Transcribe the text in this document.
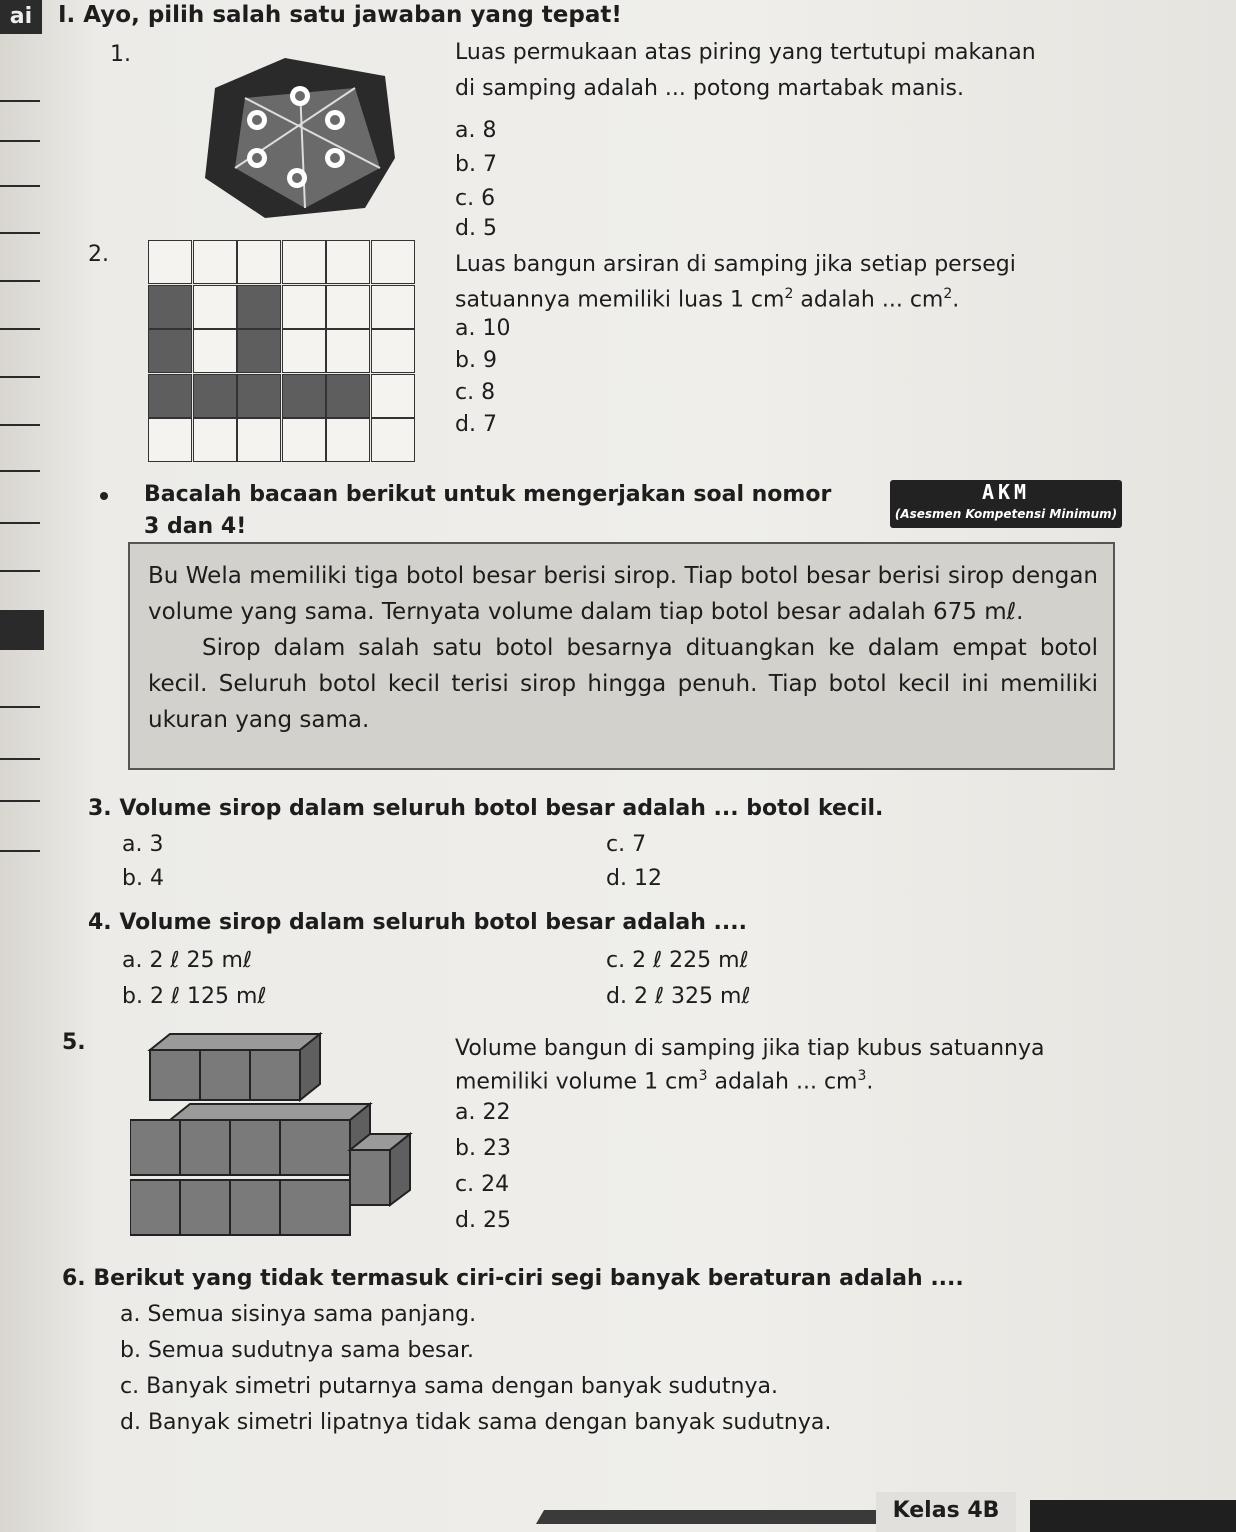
ai	I. Ayo, pilih salah satu jawaban yang tepat!
1.	Luas permukaan atas piring yang tertutupi makanan
di samping adalah ... potong martabak manis.
a. 8
b. 7
c. 6
d. 5
2.	Luas bangun arsiran di samping jika setiap persegi
satuannya memiliki luas 1 $cm^2$ adalah ... $cm^2$.
a. 10
b. 9
c. 8
d. 7
Bacalah bacaan berikut untuk mengerjakan soal nomor
3 dan 4!
AKM
(Asesmen Kompetensi Minimum)

Bu Wela memiliki tiga botol besar berisi sirop. Tiap botol besar berisi sirop dengan volume yang sama. Ternyata volume dalam tiap botol besar adalah 675 mℓ.

Sirop dalam salah satu botol besarnya dituangkan ke dalam empat botol kecil. Seluruh botol kecil terisi sirop hingga penuh. Tiap botol kecil ini memiliki ukuran yang sama.

3. Volume sirop dalam seluruh botol besar adalah ... botol kecil.
a. 3
b. 4
c. 7
d. 12
4. Volume sirop dalam seluruh botol besar adalah ....
a. 2 ℓ 25 mℓ
b. 2 ℓ 125 mℓ
c. 2 ℓ 225 mℓ
d. 2 ℓ 325 mℓ
5.	Volume bangun di samping jika tiap kubus satuannya
memiliki volume 1 $cm^3$ adalah ... $cm^3$.
a. 22
b. 23
c. 24
d. 25
6. Berikut yang tidak termasuk ciri-ciri segi banyak beraturan adalah ....
a. Semua sisinya sama panjang.
b. Semua sudutnya sama besar.
c. Banyak simetri putarnya sama dengan banyak sudutnya.
d. Banyak simetri lipatnya tidak sama dengan banyak sudutnya.
Kelas 4B
